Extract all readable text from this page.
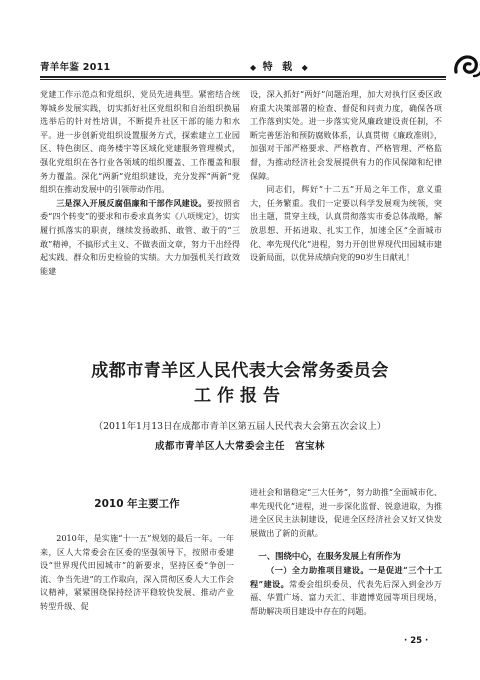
青羊年鉴 2011	◆ 特 载 ◆

党建工作示范点和党组织、党员先进典型。紧密结合统筹城乡发展实践，切实抓好社区党组织和自治组织换届选举后的针对性培训，不断提升社区干部的能力和水平。进一步创新党组织设置服务方式，探索建立工业园区、特色街区、商务楼宇等区域化党建服务管理模式，强化党组织在各行业各领域的组织覆盖、工作覆盖和服务力覆盖。深化“两新”党组织建设，充分发挥“两新”党组织在推动发展中的引领带动作用。

三是深入开展反腐倡廉和干部作风建设。要按照省委“四个转变”的要求和市委求真务实《八项规定》，切实履行抓落实的职责，继续发扬敢抓、敢管、敢于的“三敢”精神，不搞形式主义、不做表面文章，努力干出经得起实践、群众和历史检验的实绩。大力加强机关行政效能建

设，深入抓好“两好”问题治理，加大对执行区委区政府重大决策部署的检查、督促和问责力度，确保各项工作落到实处。进一步落实党风廉政建设责任制，不断完善惩治和预防腐败体系，认真贯彻《廉政准则》，加强对干部严格要求、严格教育、严格管理、严格监督，为推动经济社会发展提供有力的作风保障和纪律保障。

同志们，辉好“十二五”开局之年工作，意义重大，任务繁重。我们一定要以科学发展观为统领，突出主题，贯穿主线，认真贯彻落实市委总体战略，解放思想、开拓进取、扎实工作，加速全区“全面城市化、率先现代化”进程，努力开创世界现代田园城市建设新局面，以优异成绩向党的90岁生日献礼！

成都市青羊区人民代表大会常务委员会
工作报告
（2011年1月13日在成都市青羊区第五届人民代表大会第五次会议上）
成都市青羊区人大常委会主任　宫宝林
2010 年主要工作

2010年，是实施“十一五”规划的最后一年。一年来，区人大常委会在区委的坚强领导下，按照市委建设“世界现代田园城市”的新要求，坚持区委“争创一流、争当先进”的工作取向，深入贯彻区委人大工作会议精神，紧紧围绕保持经济平稳较快发展、推动产业转型升级、促

进社会和谐稳定“三大任务”，努力助推“全面城市化、率先现代化”进程，进一步深化监督、锐意进取，为推进全区民主法制建设，促进全区经济社会又好又快发展做出了新的贡献。

一、围绕中心，在服务发展上有所作为

（一）全力助推项目建设。一是促进“三个十工程”建设。常委会组织委员、代表先后深入到金沙万福、华置广场、富力天汇、非遗博览园等项目现场，帮助解决项目建设中存在的问题。

· 25 ·
